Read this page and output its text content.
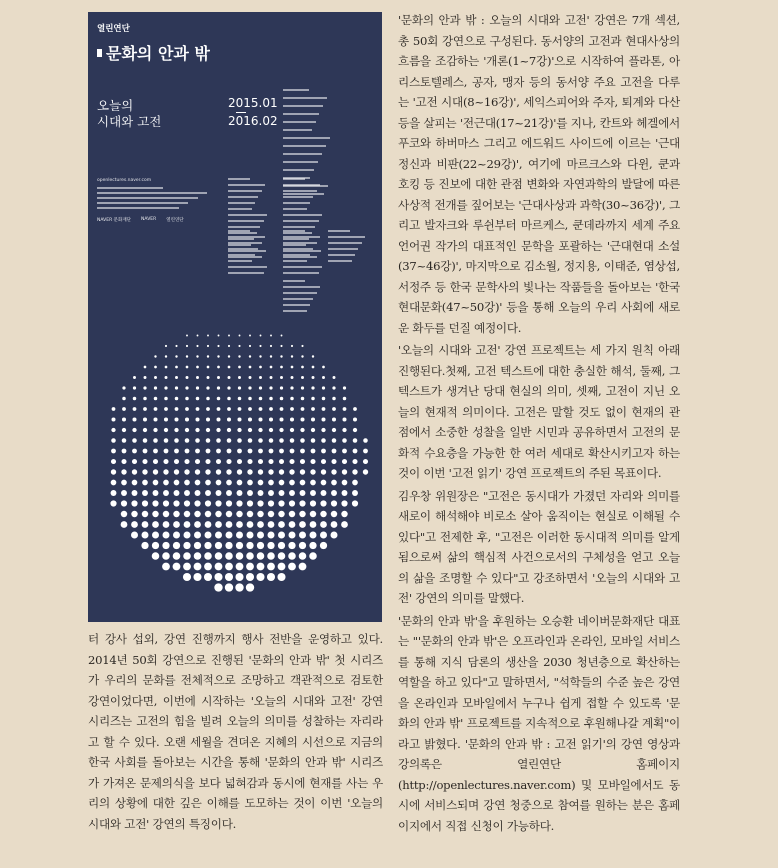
열린연단
문화의 안과 밖
오늘의
시대와 고전
2015.01
2016.02
openlectures.naver.com
NAVER 문화재단 NAVER 열린연단

터 강사 섭외, 강연 진행까지 행사 전반을 운영하고 있다. 2014년 50회 강연으로 진행된 '문화의 안과 밖' 첫 시리즈가 우리의 문화를 전체적으로 조망하고 객관적으로 검토한 강연이었다면, 이번에 시작하는 '오늘의 시대와 고전' 강연 시리즈는 고전의 힘을 빌려 오늘의 의미를 성찰하는 자리라고 할 수 있다. 오랜 세월을 견뎌온 지혜의 시선으로 지금의 한국 사회를 돌아보는 시간을 통해 '문화의 안과 밖' 시리즈가 가져온 문제의식을 보다 넓혀감과 동시에 현재를 사는 우리의 상황에 대한 깊은 이해를 도모하는 것이 이번 '오늘의 시대와 고전' 강연의 특징이다.

'문화의 안과 밖 : 오늘의 시대와 고전' 강연은 7개 섹션, 총 50회 강연으로 구성된다. 동서양의 고전과 현대사상의 흐름을 조감하는 '개론(1~7강)'으로 시작하여 플라톤, 아리스토텔레스, 공자, 맹자 등의 동서양 주요 고전을 다루는 '고전 시대(8~16강)', 세익스피어와 주자, 퇴계와 다산 등을 살피는 '전근대(17~21강)'를 지나, 칸트와 헤겔에서 푸코와 하버마스 그리고 에드워드 사이드에 이르는 '근대정신과 비판(22~29강)', 여기에 마르크스와 다윈, 쿤과 호킹 등 진보에 대한 관점 변화와 자연과학의 발달에 따른 사상적 전개를 짚어보는 '근대사상과 과학(30~36강)', 그리고 발자크와 루쉰부터 마르케스, 쿤데라까지 세계 주요 언어권 작가의 대표적인 문학을 포괄하는 '근대현대 소설(37~46강)', 마지막으로 김소월, 정지용, 이태준, 염상섭, 서정주 등 한국 문학사의 빛나는 작품들을 돌아보는 '한국 현대문화(47~50강)' 등을 통해 오늘의 우리 사회에 새로운 화두를 던질 예정이다.

'오늘의 시대와 고전' 강연 프로젝트는 세 가지 원칙 아래 진행된다.첫째, 고전 텍스트에 대한 충실한 해석, 둘째, 그 텍스트가 생겨난 당대 현실의 의미, 셋째, 고전이 지닌 오늘의 현재적 의미이다. 고전은 말할 것도 없이 현재의 관점에서 소중한 성찰을 일반 시민과 공유하면서 고전의 문화적 수요층을 가능한 한 여러 세대로 확산시키고자 하는 것이 이번 '고전 읽기' 강연 프로젝트의 주된 목표이다.

김우창 위원장은 "고전은 동시대가 가졌던 자리와 의미를 새로이 해석해야 비로소 살아 움직이는 현실로 이해될 수 있다"고 전제한 후, "고전은 이러한 동시대적 의미를 알게 됨으로써 삶의 핵심적 사건으로서의 구체성을 얻고 오늘의 삶을 조명할 수 있다"고 강조하면서 '오늘의 시대와 고전' 강연의 의미를 말했다.

'문화의 안과 밖'을 후원하는 오승환 네이버문화재단 대표는 "'문화의 안과 밖'은 오프라인과 온라인, 모바일 서비스를 통해 지식 담론의 생산을 2030 청년층으로 확산하는 역할을 하고 있다"고 말하면서, "석학들의 수준 높은 강연을 온라인과 모바일에서 누구나 쉽게 접할 수 있도록 '문화의 안과 밖' 프로젝트를 지속적으로 후원해나갈 계획"이라고 밝혔다. '문화의 안과 밖 : 고전 읽기'의 강연 영상과 강의록은 열린연단 홈페이지(http://openlectures.naver.com) 및 모바일에서도 동시에 서비스되며 강연 청중으로 참여를 원하는 분은 홈페이지에서 직접 신청이 가능하다.
